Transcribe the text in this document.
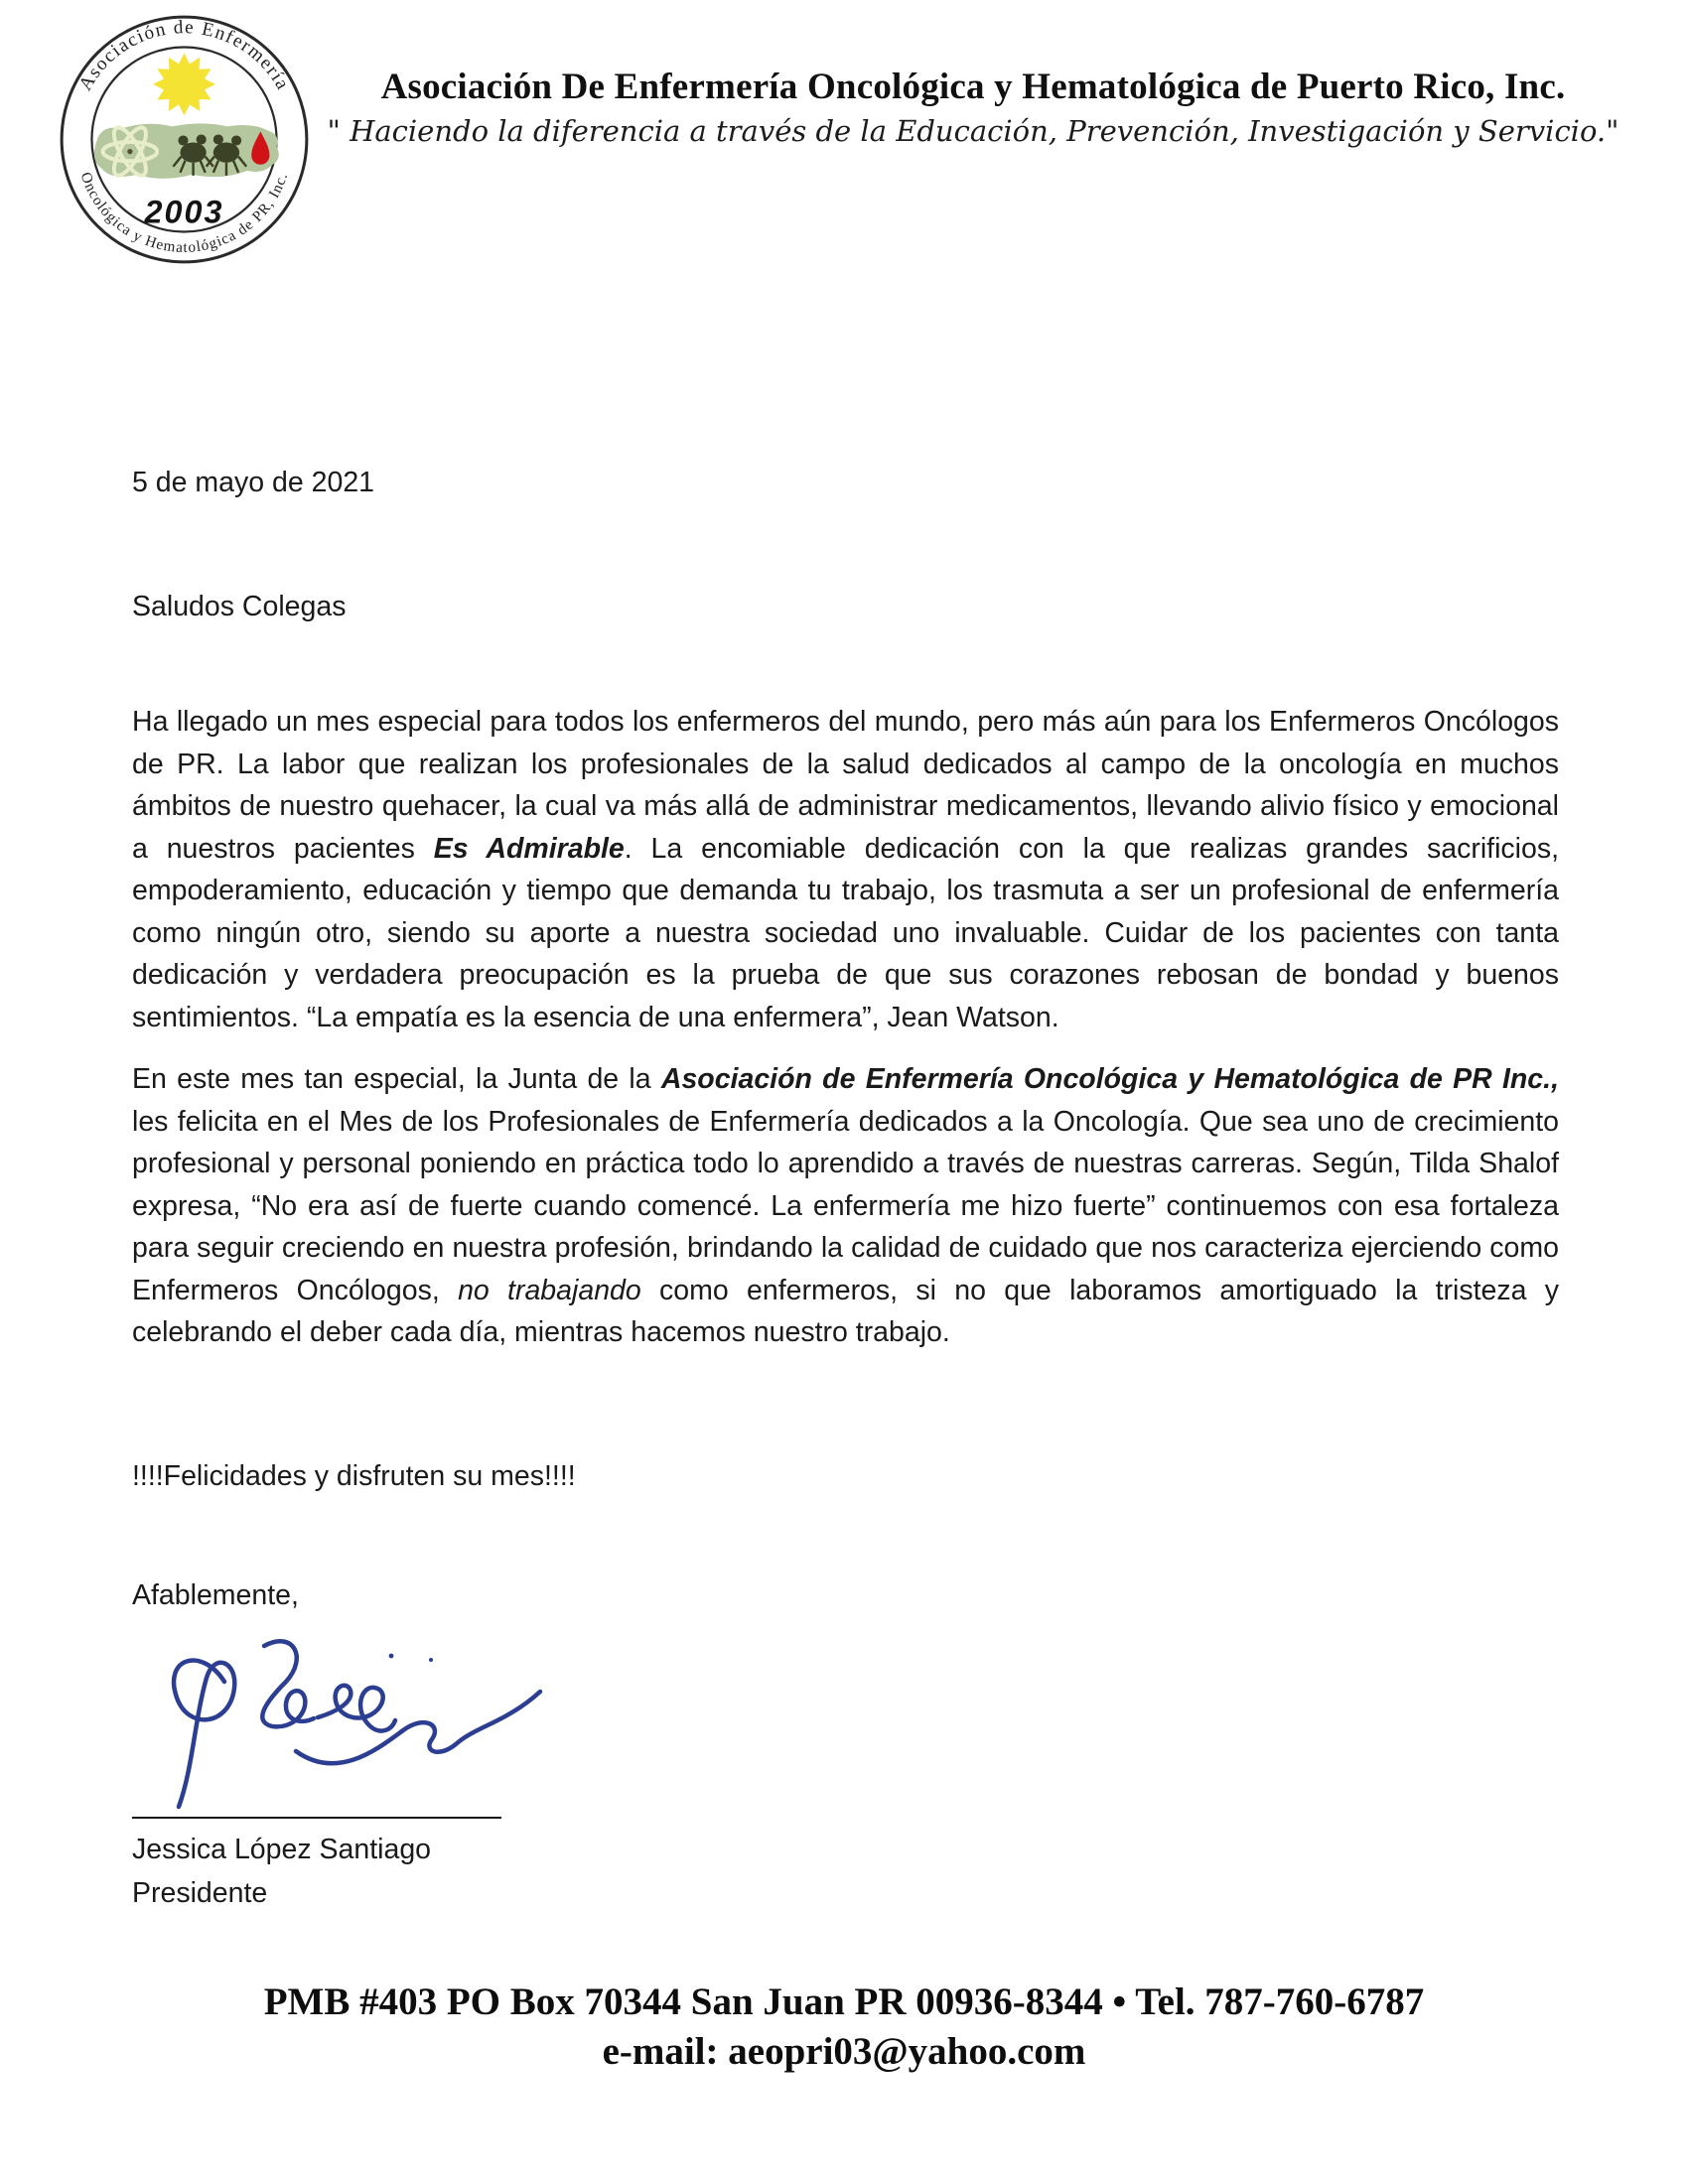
Asociación de Enfermería
Oncológica y Hematológica de PR, Inc.
2003
Asociación De Enfermería Oncológica y Hematológica de Puerto Rico, Inc.
" Haciendo la diferencia a través de la Educación, Prevención, Investigación y Servicio."
5 de mayo de 2021
Saludos Colegas

Ha llegado un mes especial para todos los enfermeros del mundo, pero más aún para los Enfermeros Oncólogos de PR. La labor que realizan los profesionales de la salud dedicados al campo de la oncología en muchos ámbitos de nuestro quehacer, la cual va más allá de administrar medicamentos, llevando alivio físico y emocional a nuestros pacientes Es Admirable. La encomiable dedicación con la que realizas grandes sacrificios, empoderamiento, educación y tiempo que demanda tu trabajo, los trasmuta a ser un profesional de enfermería como ningún otro, siendo su aporte a nuestra sociedad uno invaluable. Cuidar de los pacientes con tanta dedicación y verdadera preocupación es la prueba de que sus corazones rebosan de bondad y buenos sentimientos. “La empatía es la esencia de una enfermera”, Jean Watson.

En este mes tan especial, la Junta de la Asociación de Enfermería Oncológica y Hematológica de PR Inc., les felicita en el Mes de los Profesionales de Enfermería dedicados a la Oncología. Que sea uno de crecimiento profesional y personal poniendo en práctica todo lo aprendido a través de nuestras carreras. Según, Tilda Shalof expresa, “No era así de fuerte cuando comencé. La enfermería me hizo fuerte” continuemos con esa fortaleza para seguir creciendo en nuestra profesión, brindando la calidad de cuidado que nos caracteriza ejerciendo como Enfermeros Oncólogos, no trabajando como enfermeros, si no que laboramos amortiguado la tristeza y celebrando el deber cada día, mientras hacemos nuestro trabajo.

!!!!Felicidades y disfruten su mes!!!!
Afablemente,
Jessica López Santiago
Presidente
PMB #403 PO Box 70344 San Juan PR 00936-8344 • Tel. 787-760-6787
e-mail: aeopri03@yahoo.com
